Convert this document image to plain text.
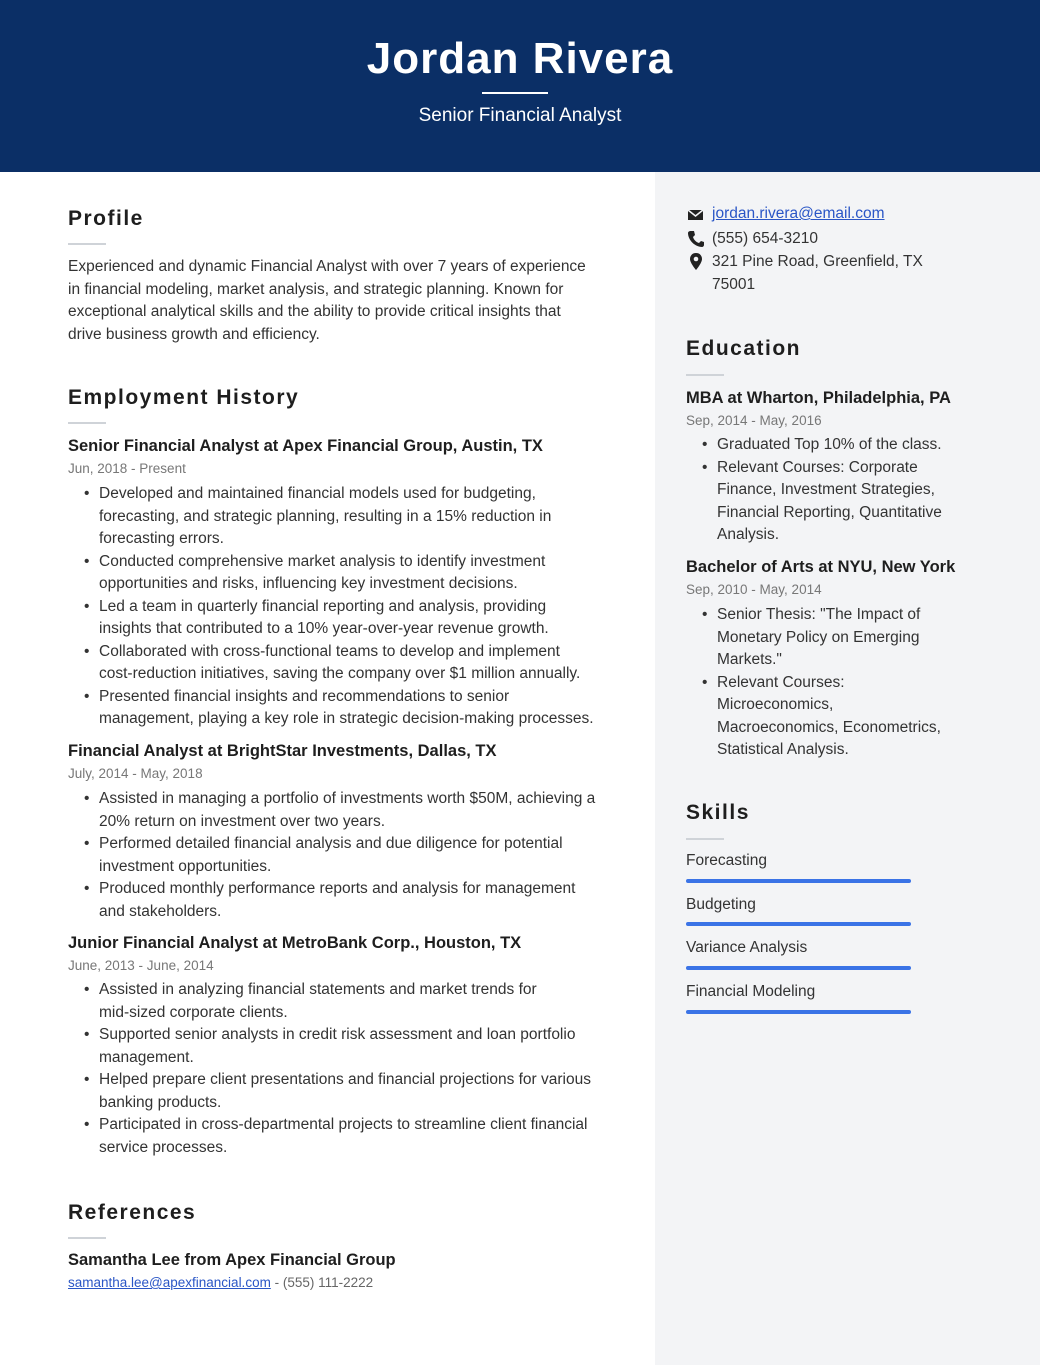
Jordan Rivera
Senior Financial Analyst
Profile
Experienced and dynamic Financial Analyst with over 7 years of experience
in financial modeling, market analysis, and strategic planning. Known for
exceptional analytical skills and the ability to provide critical insights that
drive business growth and efficiency.
Employment History
Senior Financial Analyst at Apex Financial Group, Austin, TX
Jun, 2018 - Present
• Developed and maintained financial models used for budgeting,
forecasting, and strategic planning, resulting in a 15% reduction in
forecasting errors.
• Conducted comprehensive market analysis to identify investment
opportunities and risks, influencing key investment decisions.
• Led a team in quarterly financial reporting and analysis, providing
insights that contributed to a 10% year-over-year revenue growth.
• Collaborated with cross-functional teams to develop and implement
cost-reduction initiatives, saving the company over $1 million annually.
• Presented financial insights and recommendations to senior
management, playing a key role in strategic decision-making processes.
Financial Analyst at BrightStar Investments, Dallas, TX
July, 2014 - May, 2018
• Assisted in managing a portfolio of investments worth $50M, achieving a
20% return on investment over two years.
• Performed detailed financial analysis and due diligence for potential
investment opportunities.
• Produced monthly performance reports and analysis for management
and stakeholders.
Junior Financial Analyst at MetroBank Corp., Houston, TX
June, 2013 - June, 2014
• Assisted in analyzing financial statements and market trends for
mid-sized corporate clients.
• Supported senior analysts in credit risk assessment and loan portfolio
management.
• Helped prepare client presentations and financial projections for various
banking products.
• Participated in cross-departmental projects to streamline client financial
service processes.
References
Samantha Lee from Apex Financial Group
samantha.lee@apexfinancial.com - (555) 111-2222
jordan.rivera@email.com
(555) 654-3210
321 Pine Road, Greenfield, TX
75001
Education
MBA at Wharton, Philadelphia, PA
Sep, 2014 - May, 2016
• Graduated Top 10% of the class.
• Relevant Courses: Corporate
Finance, Investment Strategies,
Financial Reporting, Quantitative
Analysis.
Bachelor of Arts at NYU, New York
Sep, 2010 - May, 2014
• Senior Thesis: "The Impact of
Monetary Policy on Emerging
Markets."
• Relevant Courses:
Microeconomics,
Macroeconomics, Econometrics,
Statistical Analysis.
Skills
Forecasting
Budgeting
Variance Analysis
Financial Modeling
